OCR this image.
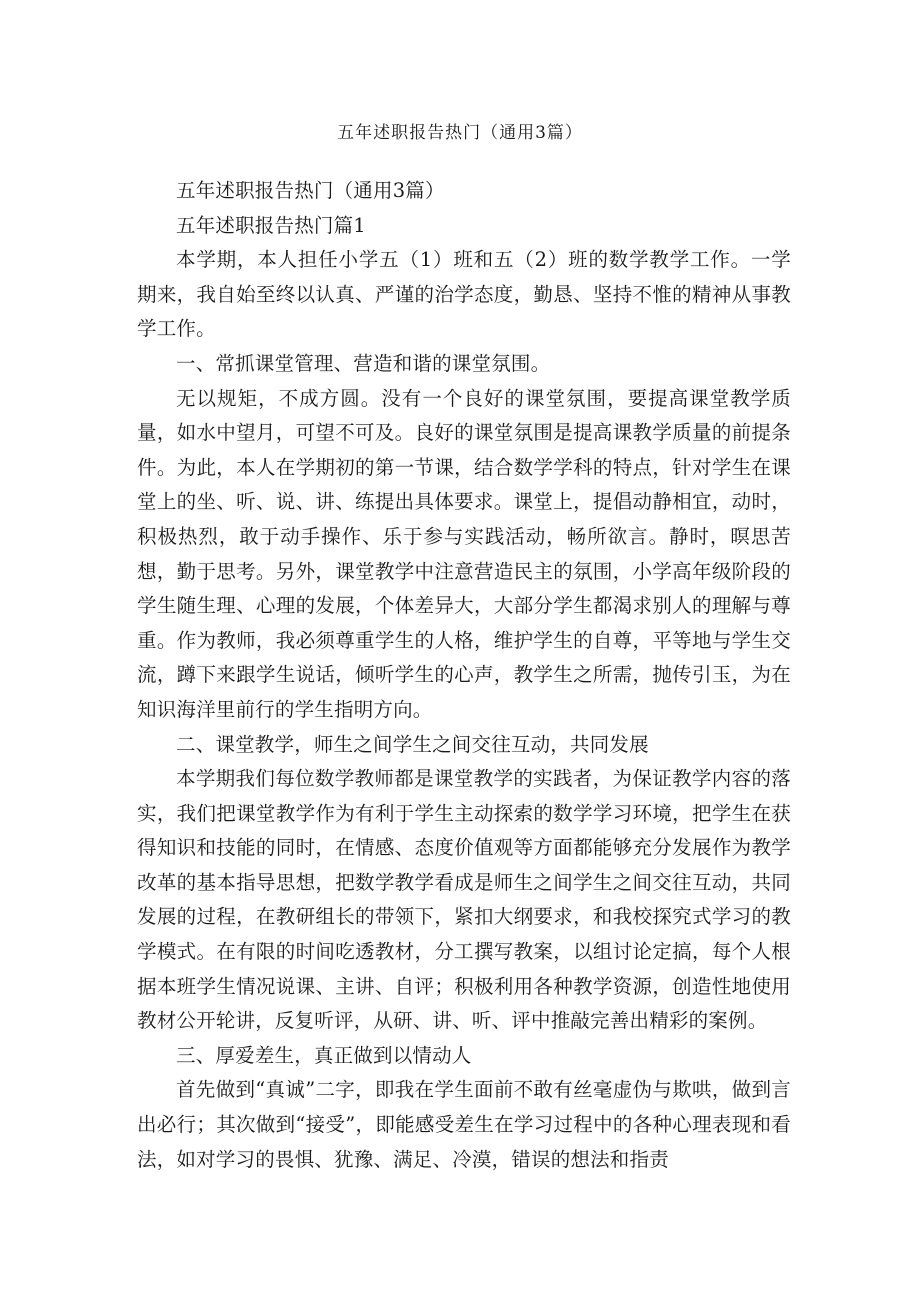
五年述职报告热门（通用3篇）

五年述职报告热门（通用3篇）

五年述职报告热门篇1

本学期，本人担任小学五（1）班和五（2）班的数学教学工作。一学期来，我自始至终以认真、严谨的治学态度，勤恳、坚持不惟的精神从事教学工作。

一、常抓课堂管理、营造和谐的课堂氛围。

无以规矩，不成方圆。没有一个良好的课堂氛围，要提高课堂教学质量，如水中望月，可望不可及。良好的课堂氛围是提高课教学质量的前提条件。为此，本人在学期初的第一节课，结合数学学科的特点，针对学生在课堂上的坐、听、说、讲、练提出具体要求。课堂上，提倡动静相宜，动时，积极热烈，敢于动手操作、乐于参与实践活动，畅所欲言。静时，暝思苦想，勤于思考。另外，课堂教学中注意营造民主的氛围，小学高年级阶段的学生随生理、心理的发展，个体差异大，大部分学生都渴求别人的理解与尊重。作为教师，我必须尊重学生的人格，维护学生的自尊，平等地与学生交流，蹲下来跟学生说话，倾听学生的心声，教学生之所需，抛传引玉，为在知识海洋里前行的学生指明方向。

二、课堂教学，师生之间学生之间交往互动，共同发展

本学期我们每位数学教师都是课堂教学的实践者，为保证教学内容的落实，我们把课堂教学作为有利于学生主动探索的数学学习环境，把学生在获得知识和技能的同时，在情感、态度价值观等方面都能够充分发展作为教学改革的基本指导思想，把数学教学看成是师生之间学生之间交往互动，共同发展的过程，在教研组长的带领下，紧扣大纲要求，和我校探究式学习的教学模式。在有限的时间吃透教材，分工撰写教案，以组讨论定搞，每个人根据本班学生情况说课、主讲、自评；积极利用各种教学资源，创造性地使用教材公开轮讲，反复听评，从研、讲、听、评中推敲完善出精彩的案例。

三、厚爱差生，真正做到以情动人

首先做到“真诚”二字，即我在学生面前不敢有丝毫虚伪与欺哄，做到言出必行；其次做到“接受”，即能感受差生在学习过程中的各种心理表现和看法，如对学习的畏惧、犹豫、满足、冷漠，错误的想法和指责
